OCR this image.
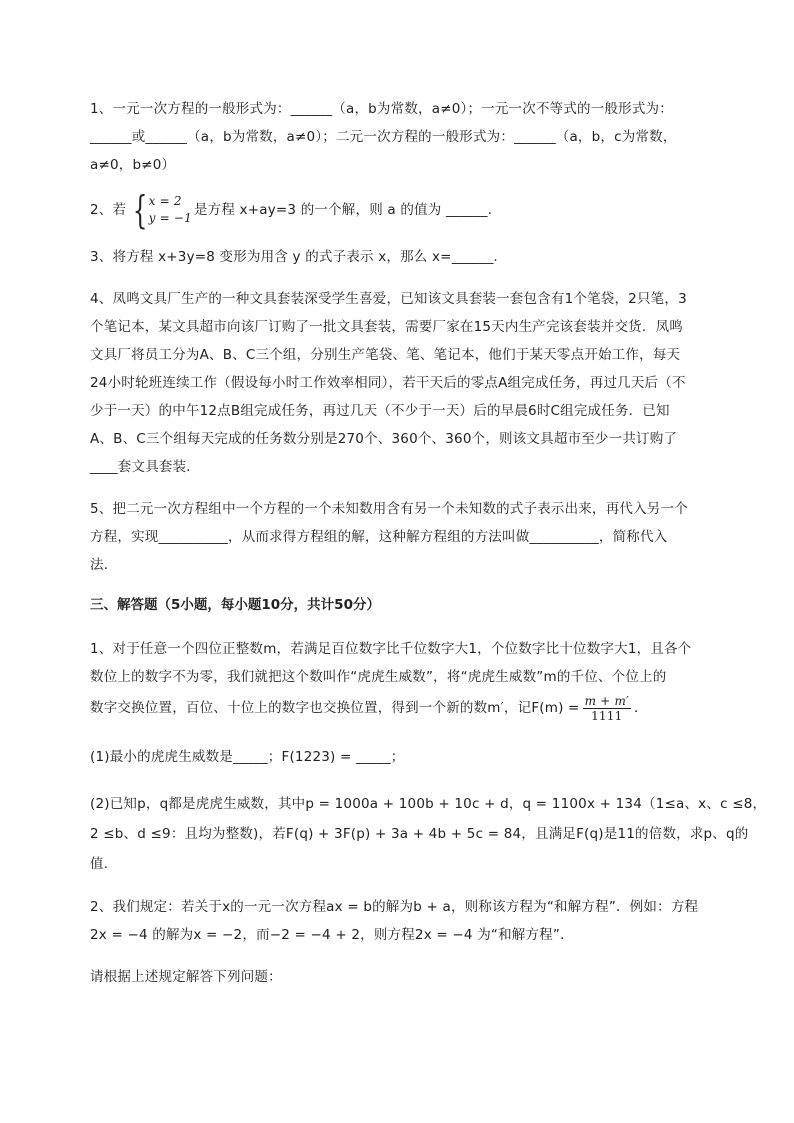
1、一元一次方程的一般形式为：______（a，b为常数，a≠0）；一元一次不等式的一般形式为：
______或______（a，b为常数，a≠0）；二元一次方程的一般形式为：______（a，b，c为常数，
a≠0，b≠0）
2、若 { x = 2
y = −1 是方程 x+ay=3 的一个解，则 a 的值为 ______.
3、将方程 x+3y=8 变形为用含 y 的式子表示 x，那么 x=______.
4、凤鸣文具厂生产的一种文具套装深受学生喜爱，已知该文具套装一套包含有1个笔袋，2只笔，3
个笔记本，某文具超市向该厂订购了一批文具套装，需要厂家在15天内生产完该套装并交货．凤鸣
文具厂将员工分为A、B、C三个组，分别生产笔袋、笔、笔记本，他们于某天零点开始工作，每天
24小时轮班连续工作（假设每小时工作效率相同），若干天后的零点A组完成任务，再过几天后（不
少于一天）的中午12点B组完成任务，再过几天（不少于一天）后的早晨6时C组完成任务．已知
A、B、C三个组每天完成的任务数分别是270个、360个、360个，则该文具超市至少一共订购了
____套文具套装．
5、把二元一次方程组中一个方程的一个未知数用含有另一个未知数的式子表示出来，再代入另一个
方程，实现__________，从而求得方程组的解，这种解方程组的方法叫做__________，简称代入
法．
三、解答题（5小题，每小题10分，共计50分）
1、对于任意一个四位正整数m，若满足百位数字比千位数字大1，个位数字比十位数字大1，且各个
数位上的数字不为零，我们就把这个数叫作“虎虎生威数”，将“虎虎生威数”m的千位、个位上的
数字交换位置，百位、十位上的数字也交换位置，得到一个新的数m′，记$F(m) = \frac{m + m'}{1111}$ ．
(1)最小的虎虎生威数是_____；F(1223) = _____；
(2)已知p，q都是虎虎生威数，其中p = 1000a + 100b + 10c + d，q = 1100x + 134（1≤a、x、c ≤8，
2 ≤b、d ≤9：且均为整数)，若F(q) + 3F(p) + 3a + 4b + 5c = 84，且满足F(q)是11的倍数，求p、q的
值．
2、我们规定：若关于x的一元一次方程ax = b的解为b + a，则称该方程为“和解方程”．例如：方程
2x = −4 的解为x = −2，而−2 = −4 + 2，则方程2x = −4 为“和解方程”．
请根据上述规定解答下列问题：
